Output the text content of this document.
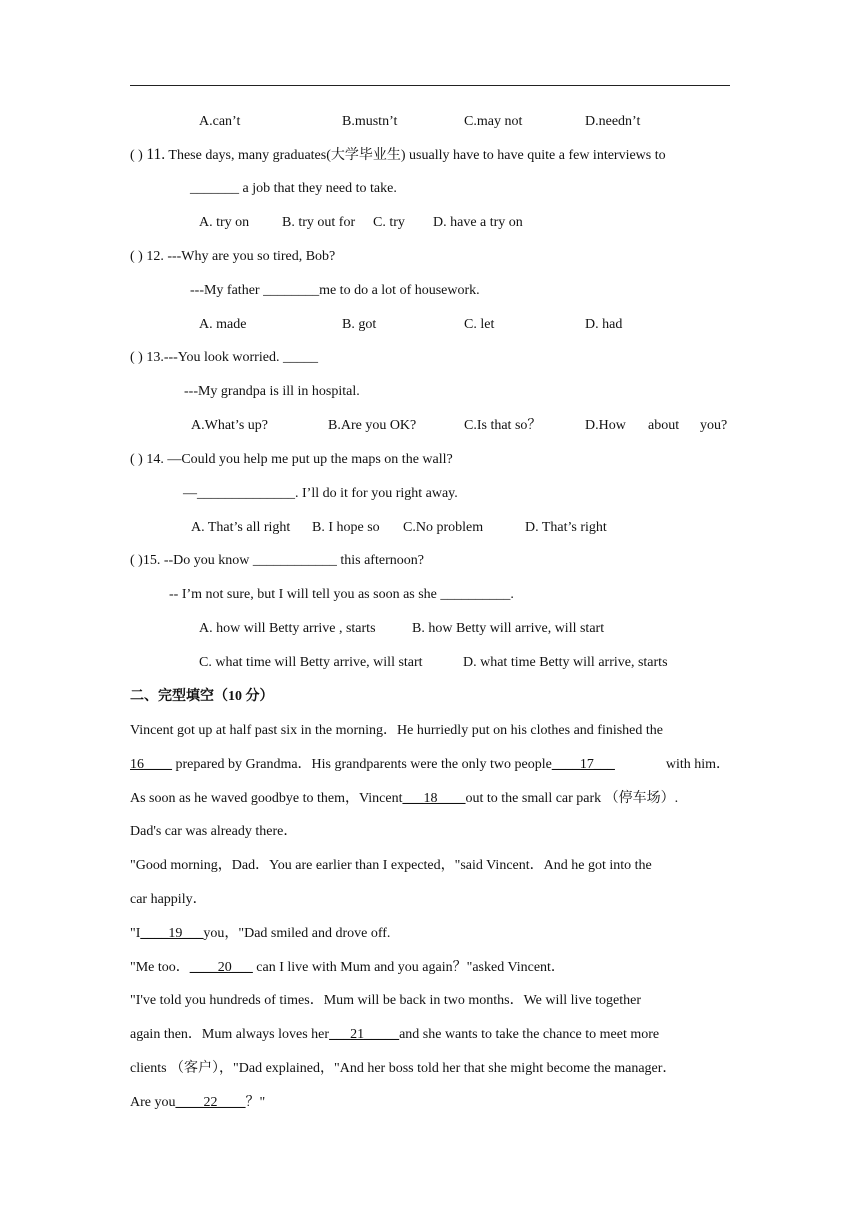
A.can’t	B.mustn’t	C.may not	D.needn’t
( ) 11. These days, many graduates(大学毕业生) usually have to have quite a few interviews to
_______ a job that they need to take.
A. try on B. try out for C. try D. have a try on
( ) 12. ---Why are you so tired, Bob?
---My father ________me to do a lot of housework.
A. made	B. got	C. let	D. had
( ) 13.---You look worried. _____
---My grandpa is ill in hospital.
A.What’s up?	B.Are you OK?	C.Is that so？	D.How about you?
( ) 14. —Could you help me put up the maps on the wall?
—______________. I’ll do it for you right away.
A. That’s all right B. I hope so C.No problem	D. That’s right
( )15. --Do you know ____________ this afternoon?
-- I’m not sure, but I will tell you as soon as she __________.
A. how will Betty arrive , starts	B. how Betty will arrive, will start
C. what time will Betty arrive, will start	D. what time Betty will arrive, starts
二、完型填空（10 分）
Vincent got up at half past six in the morning．He hurriedly put on his clothes and finished the
16____ prepared by Grandma．His grandparents were the only two people____17___	with him．
As soon as he waved goodbye to them，Vincent___18____out to the small car park （停车场）.
Dad's car was already there．
"Good morning，Dad．You are earlier than I expected，"said Vincent．And he got into the
car happily．
"I____19___you，"Dad smiled and drove off.
"Me too．____20___ can I live with Mum and you again？"asked Vincent．
"I've told you hundreds of times．Mum will be back in two months．We will live together
again then．Mum always loves her___21_____and she wants to take the chance to meet more
clients （客户），"Dad explained，"And her boss told her that she might become the manager．
Are you____22____？"
